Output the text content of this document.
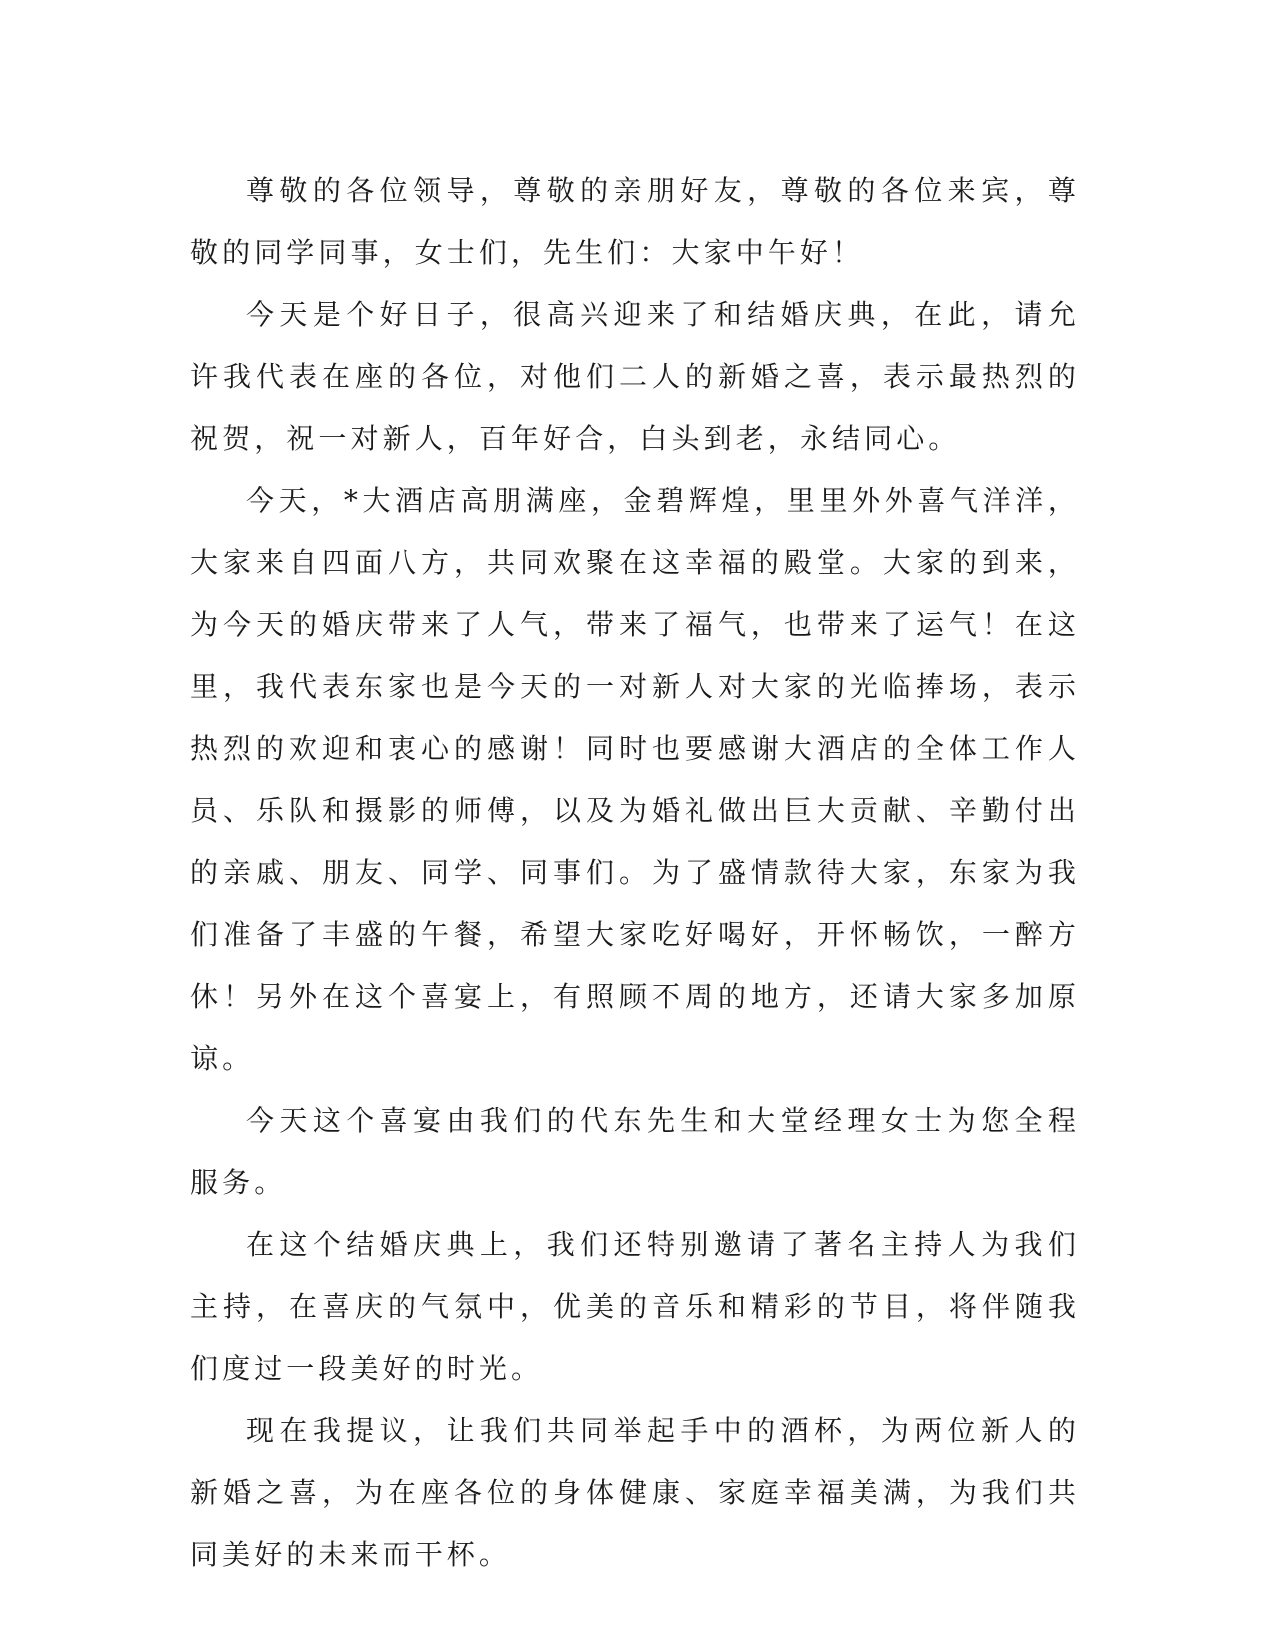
尊敬的各位领导，尊敬的亲朋好友，尊敬的各位来宾，尊敬的同学同事，女士们，先生们：大家中午好！

今天是个好日子，很高兴迎来了和结婚庆典，在此，请允许我代表在座的各位，对他们二人的新婚之喜，表示最热烈的祝贺，祝一对新人，百年好合，白头到老，永结同心。

今天，*大酒店高朋满座，金碧辉煌，里里外外喜气洋洋，大家来自四面八方，共同欢聚在这幸福的殿堂。大家的到来，为今天的婚庆带来了人气，带来了福气，也带来了运气！在这里，我代表东家也是今天的一对新人对大家的光临捧场，表示热烈的欢迎和衷心的感谢！同时也要感谢大酒店的全体工作人员、乐队和摄影的师傅，以及为婚礼做出巨大贡献、辛勤付出的亲戚、朋友、同学、同事们。为了盛情款待大家，东家为我们准备了丰盛的午餐，希望大家吃好喝好，开怀畅饮，一醉方休！另外在这个喜宴上，有照顾不周的地方，还请大家多加原谅。

今天这个喜宴由我们的代东先生和大堂经理女士为您全程服务。

在这个结婚庆典上，我们还特别邀请了著名主持人为我们主持，在喜庆的气氛中，优美的音乐和精彩的节目，将伴随我们度过一段美好的时光。

现在我提议，让我们共同举起手中的酒杯，为两位新人的新婚之喜，为在座各位的身体健康、家庭幸福美满，为我们共同美好的未来而干杯。
